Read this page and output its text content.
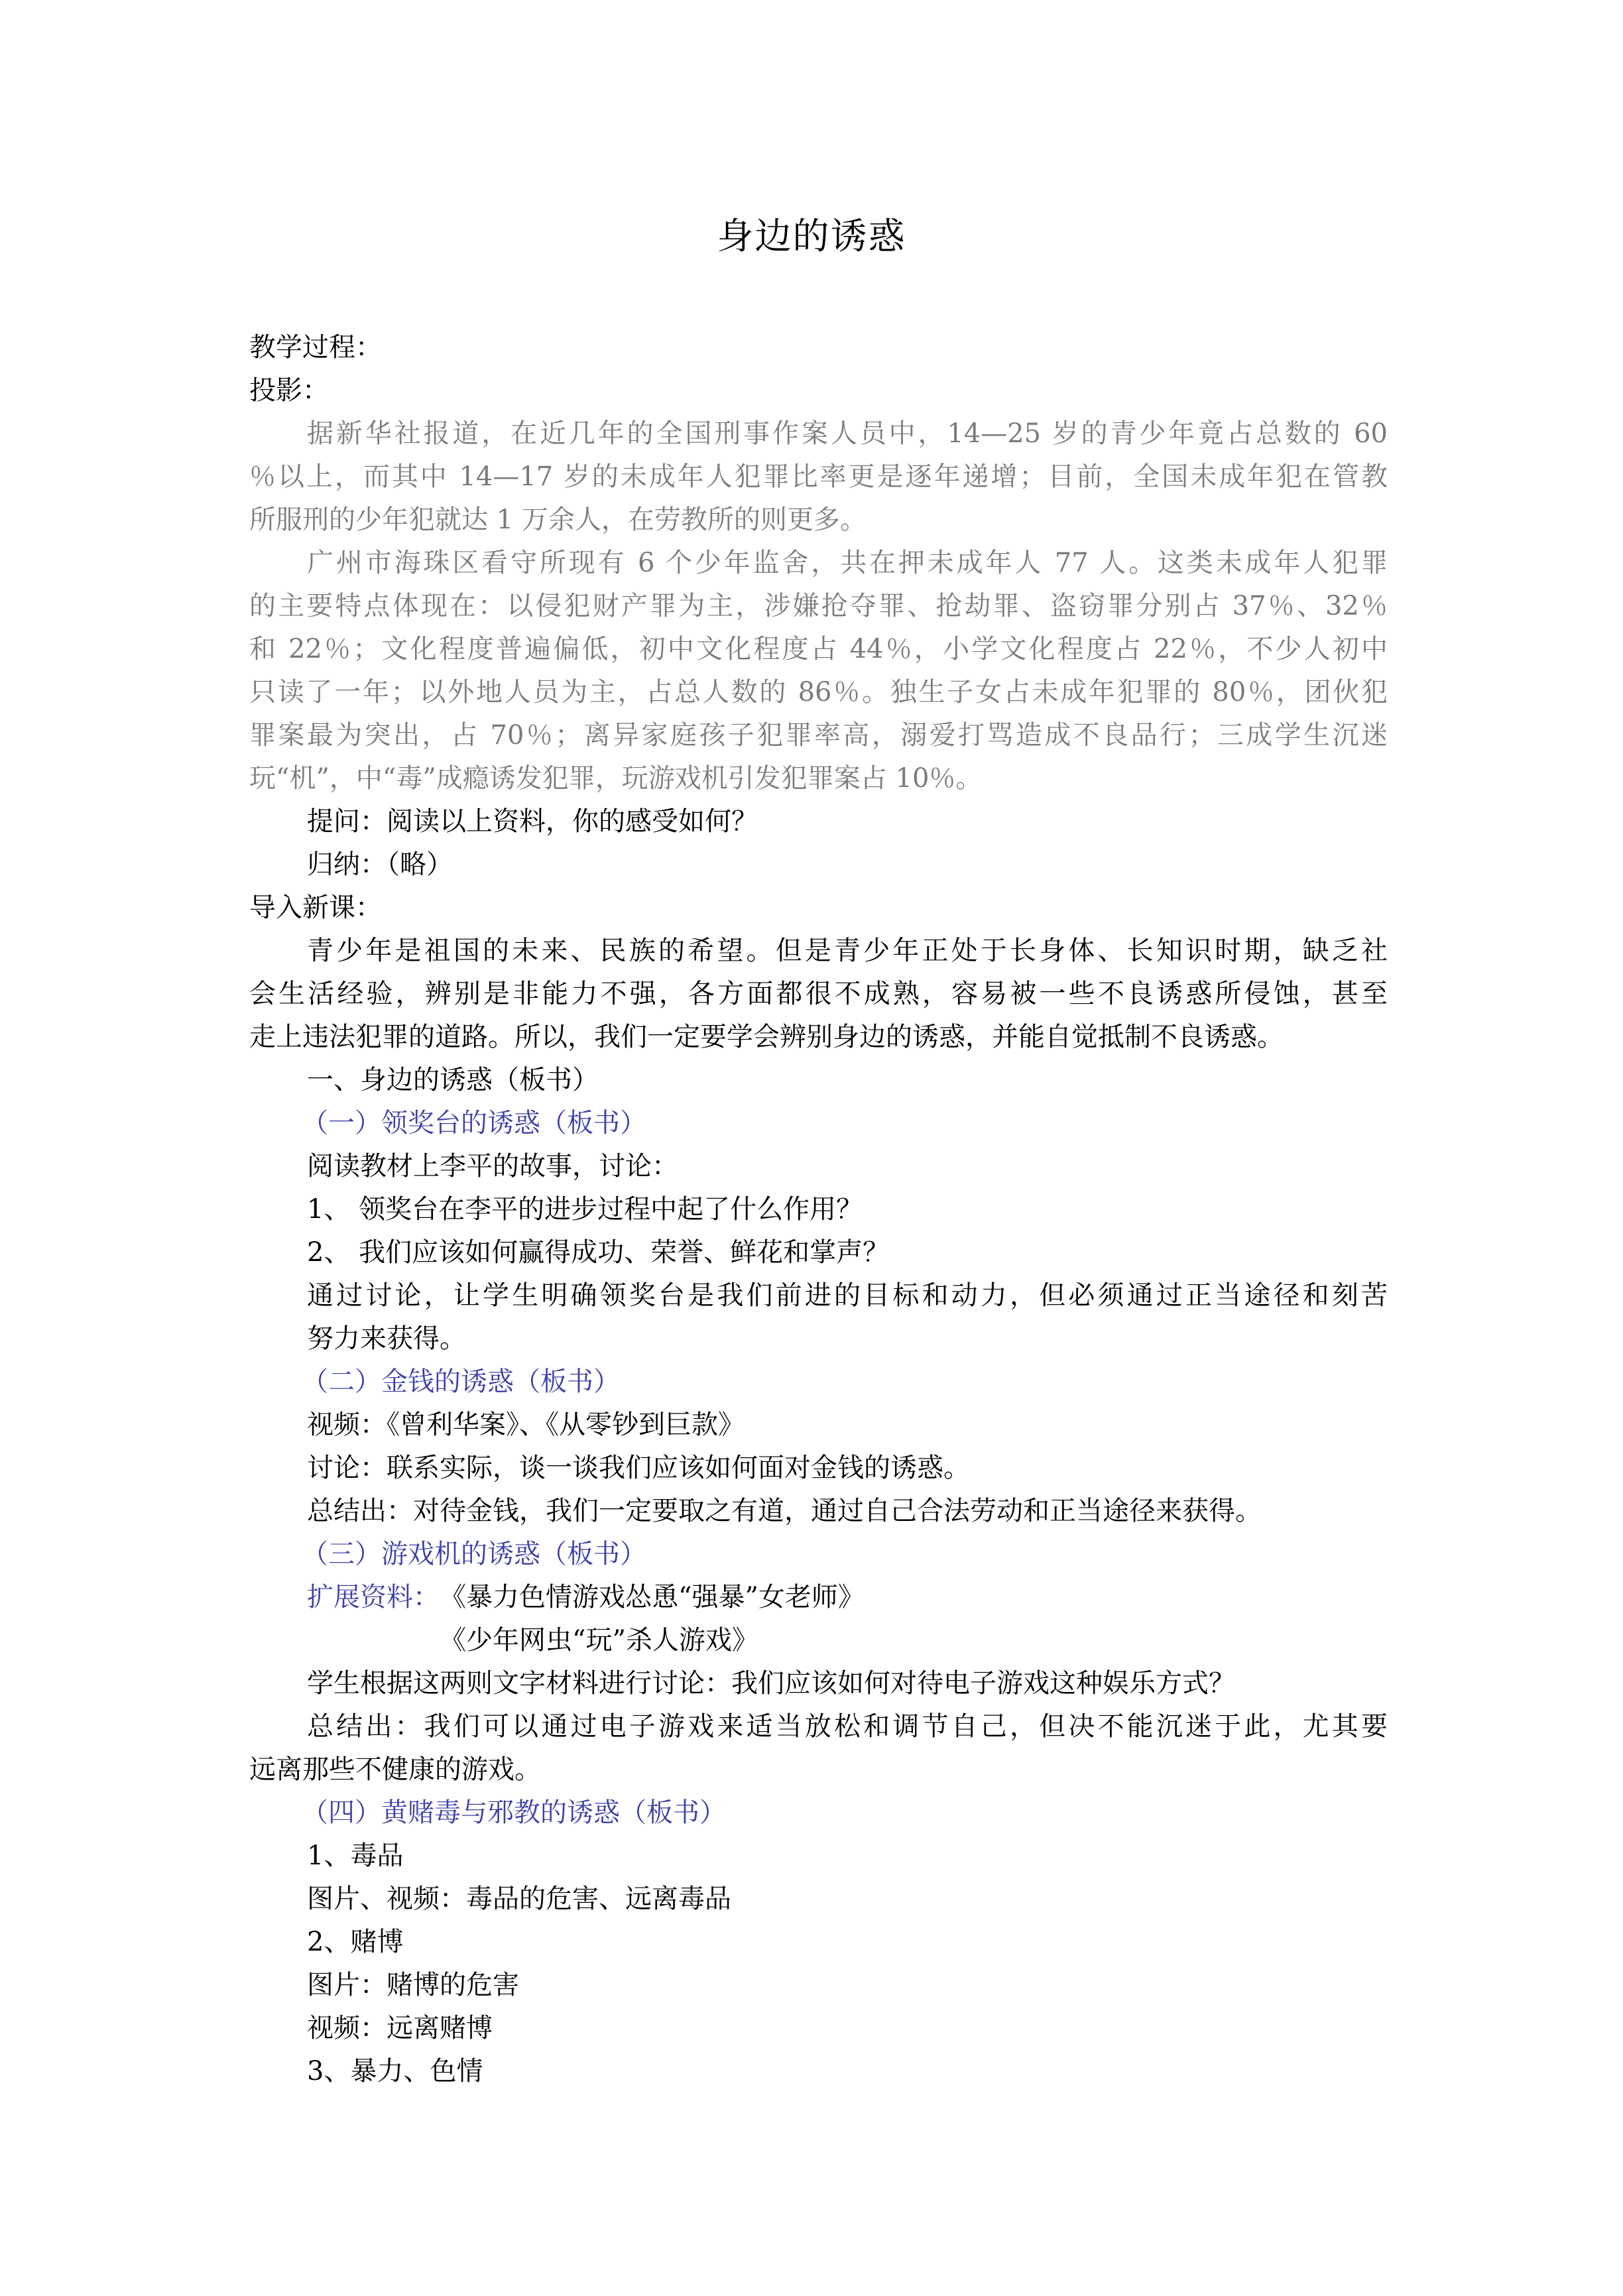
身边的诱惑
教学过程：
投影：
据新华社报道，在近几年的全国刑事作案人员中，14—25 岁的青少年竟占总数的 60
％以上，而其中 14—17 岁的未成年人犯罪比率更是逐年递增；目前，全国未成年犯在管教
所服刑的少年犯就达 1 万余人，在劳教所的则更多。
广州市海珠区看守所现有 6 个少年监舍，共在押未成年人 77 人。这类未成年人犯罪
的主要特点体现在：以侵犯财产罪为主，涉嫌抢夺罪、抢劫罪、盗窃罪分别占 37％、32％
和 22％；文化程度普遍偏低，初中文化程度占 44％，小学文化程度占 22％，不少人初中
只读了一年；以外地人员为主，占总人数的 86％。独生子女占未成年犯罪的 80％，团伙犯
罪案最为突出，占 70％；离异家庭孩子犯罪率高，溺爱打骂造成不良品行；三成学生沉迷
玩“机”，中“毒”成瘾诱发犯罪，玩游戏机引发犯罪案占 10％。
提问：阅读以上资料，你的感受如何？
归纳：（略）
导入新课：
青少年是祖国的未来、民族的希望。但是青少年正处于长身体、长知识时期，缺乏社
会生活经验，辨别是非能力不强，各方面都很不成熟，容易被一些不良诱惑所侵蚀，甚至
走上违法犯罪的道路。所以，我们一定要学会辨别身边的诱惑，并能自觉抵制不良诱惑。
一、身边的诱惑（板书）
（一）领奖台的诱惑（板书）
阅读教材上李平的故事，讨论：
1、 领奖台在李平的进步过程中起了什么作用？
2、 我们应该如何赢得成功、荣誉、鲜花和掌声？
通过讨论，让学生明确领奖台是我们前进的目标和动力，但必须通过正当途径和刻苦
努力来获得。
（二）金钱的诱惑（板书）
视频：《曾利华案》、《从零钞到巨款》
讨论：联系实际，谈一谈我们应该如何面对金钱的诱惑。
总结出：对待金钱，我们一定要取之有道，通过自己合法劳动和正当途径来获得。
（三）游戏机的诱惑（板书）
扩展资料： 《暴力色情游戏怂恿“强暴”女老师》
《少年网虫“玩”杀人游戏》
学生根据这两则文字材料进行讨论：我们应该如何对待电子游戏这种娱乐方式？
总结出：我们可以通过电子游戏来适当放松和调节自己，但决不能沉迷于此，尤其要
远离那些不健康的游戏。
（四）黄赌毒与邪教的诱惑（板书）
1、毒品
图片、视频：毒品的危害、远离毒品
2、赌博
图片：赌博的危害
视频：远离赌博
3、暴力、色情
